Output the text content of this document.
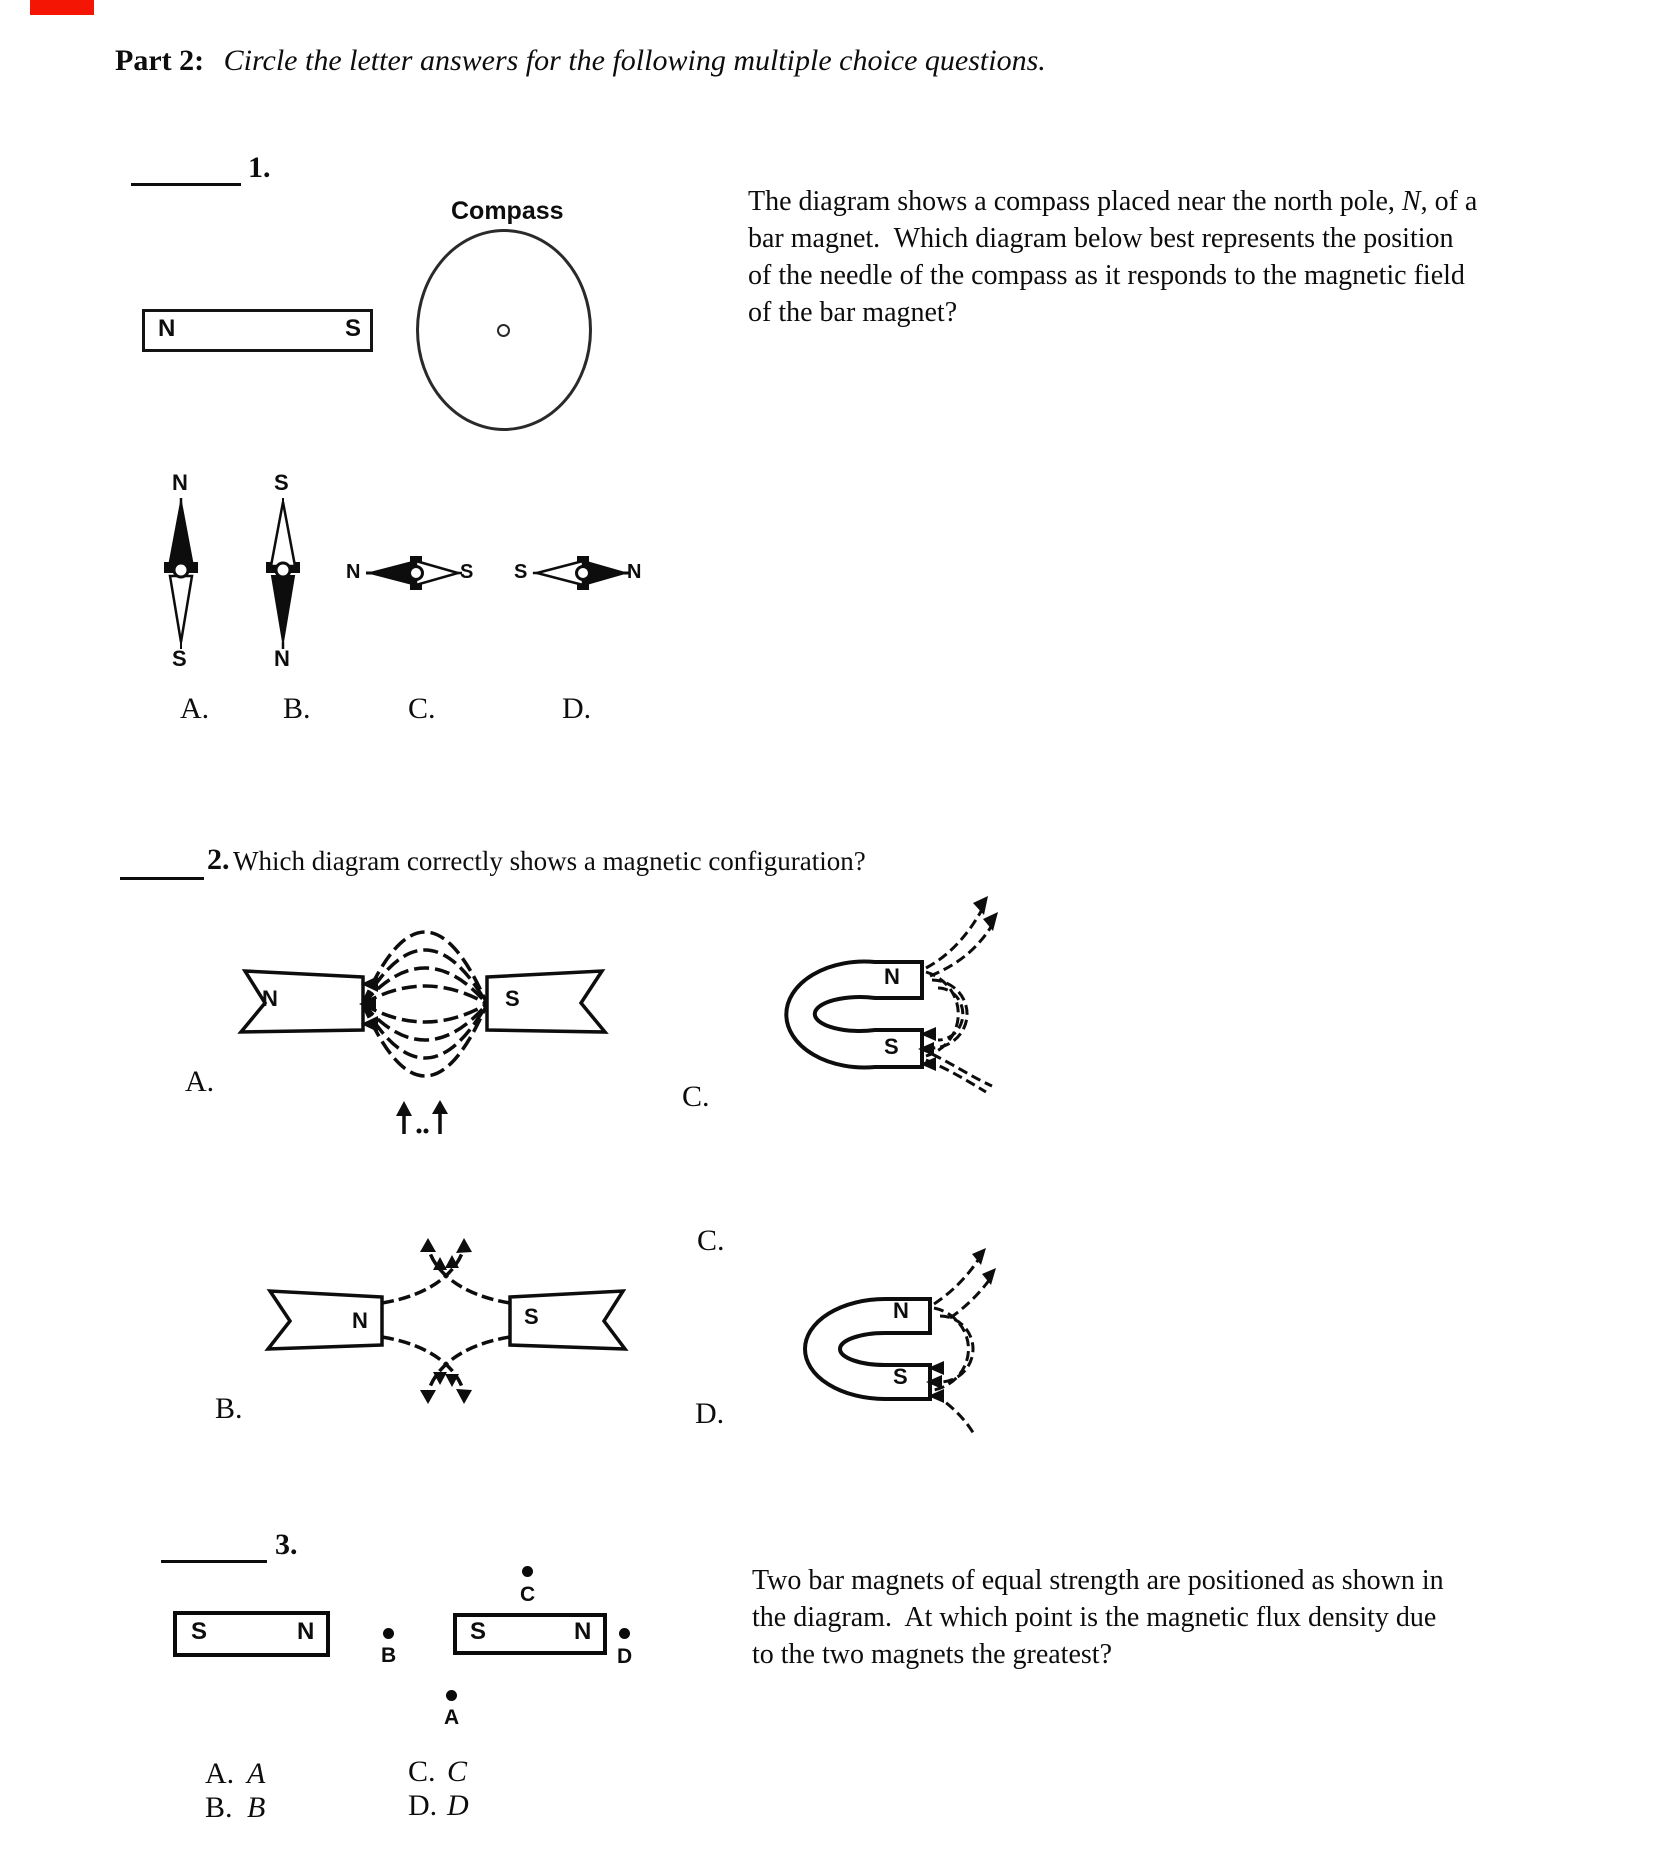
Part 2: Circle the letter answers for the following multiple choice questions.
1.
N	S
Compass	The diagram shows a compass placed near the north pole, N, of a
bar magnet.  Which diagram below best represents the position
of the needle of the compass as it responds to the magnetic field
of the bar magnet?
N
S
S
N
N	S S	N
A. B.	C.	D.
2. Which diagram correctly shows a magnetic configuration?
N	S
A.
N
S
C.
C.
N	S
B.
N
S
D.
3.
S	N	S	N
B
C
D
A
Two bar magnets of equal strength are positioned as shown in
the diagram.  At which point is the magnetic flux density due
to the two magnets the greatest?
A. A
B. B
C. C
D. D
